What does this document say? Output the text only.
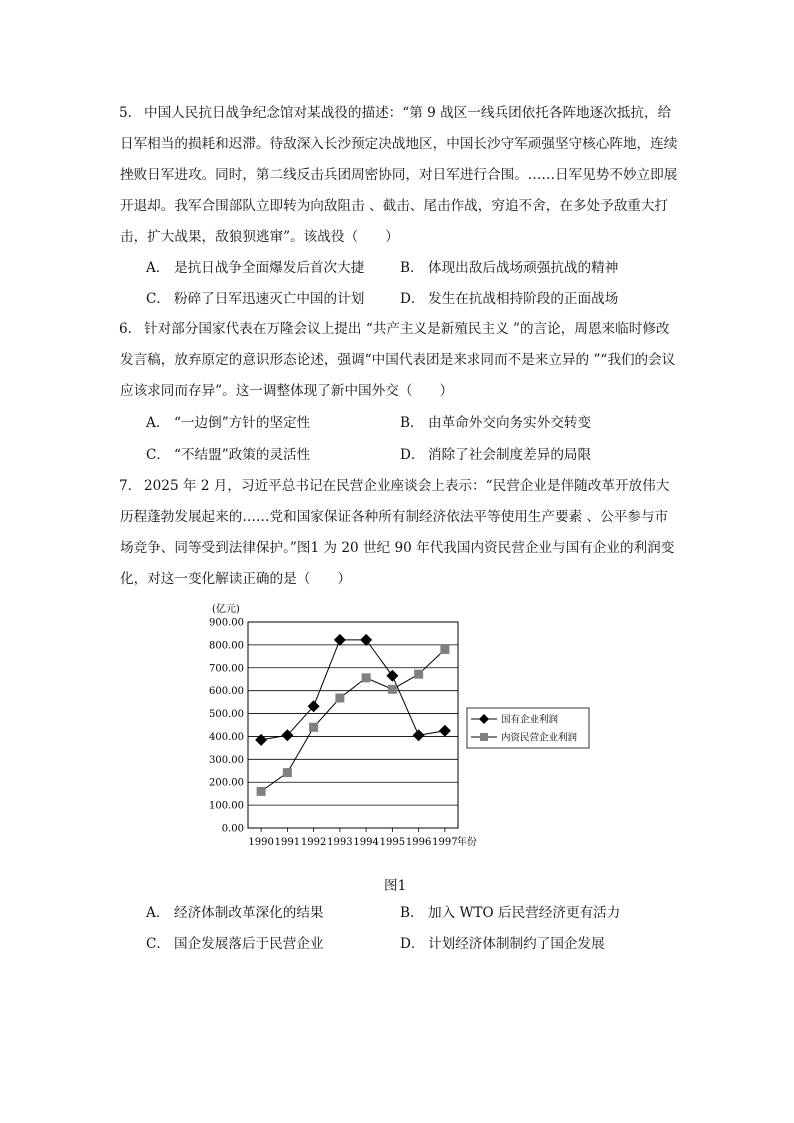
5． 中国人民抗日战争纪念馆对某战役的描述：“第 9 战区一线兵团依托各阵地逐次抵抗，给日军相当的损耗和迟滞。待敌深入长沙预定决战地区，中国长沙守军顽强坚守核心阵地，连续挫败日军进攻。同时，第二线反击兵团周密协同，对日军进行合围。……日军见势不妙立即展开退却。我军合围部队立即转为向敌阻击 、截击、尾击作战，穷追不舍，在多处予敌重大打击，扩大战果，敌狼狈逃窜”。该战役（　　）

A． 是抗日战争全面爆发后首次大捷	B． 体现出敌后战场顽强抗战的精神
C． 粉碎了日军迅速灭亡中国的计划	D． 发生在抗战相持阶段的正面战场

6． 针对部分国家代表在万隆会议上提出 “共产主义是新殖民主义 ”的言论，周恩来临时修改发言稿，放弃原定的意识形态论述，强调“中国代表团是来求同而不是来立异的 ”“我们的会议应该求同而存异”。这一调整体现了新中国外交（　　）

A． “一边倒”方针的坚定性	B． 由革命外交向务实外交转变
C． “不结盟”政策的灵活性	D． 消除了社会制度差异的局限

7． 2025 年 2 月，习近平总书记在民营企业座谈会上表示：“民营企业是伴随改革开放伟大历程蓬勃发展起来的……党和国家保证各种所有制经济依法平等使用生产要素 、公平参与市场竞争、同等受到法律保护。”图1 为 20 世纪 90 年代我国内资民营企业与国有企业的利润变化，对这一变化解读正确的是（　　）

0.00
100.00
200.00
300.00
400.00
500.00
600.00
700.00
800.00
900.00
(亿元)
1990 1991 1992 1993 1994 1995 1996 1997 年份
国有企业利润
内资民营企业利润
图1
A． 经济体制改革深化的结果	B． 加入 WTO 后民营经济更有活力
C． 国企发展落后于民营企业	D． 计划经济体制制约了国企发展
